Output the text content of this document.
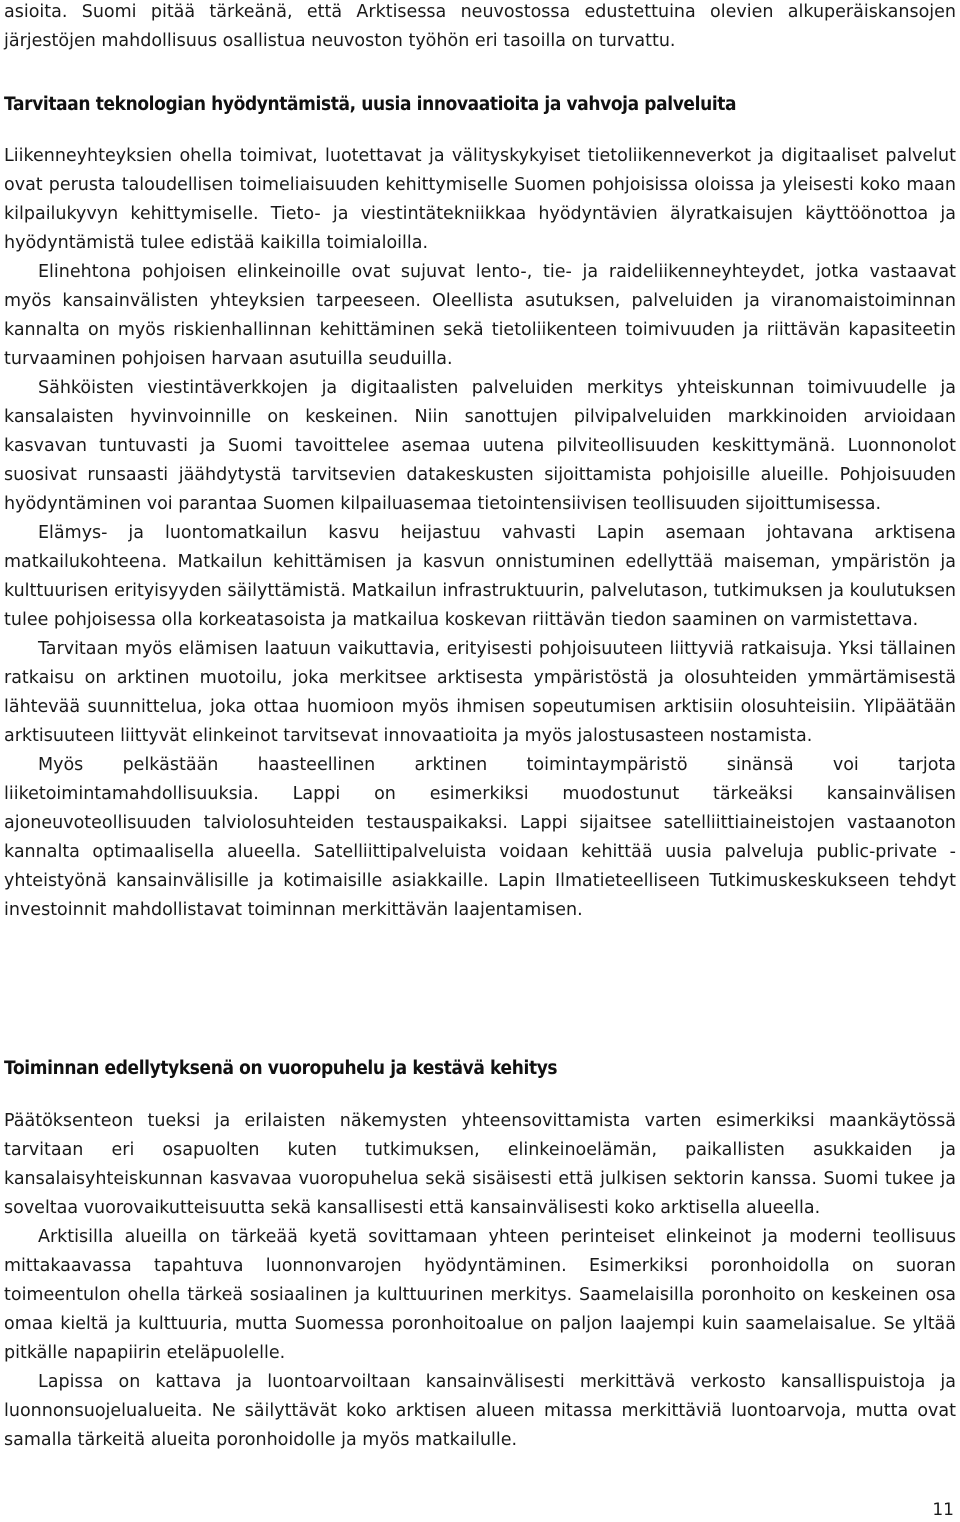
asioita. Suomi pitää tärkeänä, että Arktisessa neuvostossa edustettuina olevien alkuperäiskansojen järjestöjen mahdollisuus osallistua neuvoston työhön eri tasoilla on turvattu.

Tarvitaan teknologian hyödyntämistä, uusia innovaatioita ja vahvoja palveluita

Liikenneyhteyksien ohella toimivat, luotettavat ja välityskykyiset tietoliikenneverkot ja digitaaliset palvelut ovat perusta taloudellisen toimeliaisuuden kehittymiselle Suomen pohjoisissa oloissa ja yleisesti koko maan kilpailukyvyn kehittymiselle. Tieto- ja viestintätekniikkaa hyödyntävien älyratkaisujen käyttöönottoa ja hyödyntämistä tulee edistää kaikilla toimialoilla.

Elinehtona pohjoisen elinkeinoille ovat sujuvat lento-, tie- ja raideliikenneyhteydet, jotka vastaavat myös kansainvälisten yhteyksien tarpeeseen. Oleellista asutuksen, palveluiden ja viranomaistoiminnan kannalta on myös riskienhallinnan kehittäminen sekä tietoliikenteen toimivuuden ja riittävän kapasiteetin turvaaminen pohjoisen harvaan asutuilla seuduilla.

Sähköisten viestintäverkkojen ja digitaalisten palveluiden merkitys yhteiskunnan toimivuudelle ja kansalaisten hyvinvoinnille on keskeinen. Niin sanottujen pilvipalveluiden markkinoiden arvioidaan kasvavan tuntuvasti ja Suomi tavoittelee asemaa uutena pilviteollisuuden keskittymänä. Luonnonolot suosivat runsaasti jäähdytystä tarvitsevien datakeskusten sijoittamista pohjoisille alueille. Pohjoisuuden hyödyntäminen voi parantaa Suomen kilpailuasemaa tietointensiivisen teollisuuden sijoittumisessa.

Elämys- ja luontomatkailun kasvu heijastuu vahvasti Lapin asemaan johtavana arktisena matkailukohteena. Matkailun kehittämisen ja kasvun onnistuminen edellyttää maiseman, ympäristön ja kulttuurisen erityisyyden säilyttämistä. Matkailun infrastruktuurin, palvelutason, tutkimuksen ja koulutuksen tulee pohjoisessa olla korkeatasoista ja matkailua koskevan riittävän tiedon saaminen on varmistettava.

Tarvitaan myös elämisen laatuun vaikuttavia, erityisesti pohjoisuuteen liittyviä ratkaisuja. Yksi tällainen ratkaisu on arktinen muotoilu, joka merkitsee arktisesta ympäristöstä ja olosuhteiden ymmärtämisestä lähtevää suunnittelua, joka ottaa huomioon myös ihmisen sopeutumisen arktisiin olosuhteisiin. Ylipäätään arktisuuteen liittyvät elinkeinot tarvitsevat innovaatioita ja myös jalostusasteen nostamista.

Myös pelkästään haasteellinen arktinen toimintaympäristö sinänsä voi tarjota liiketoimintamahdollisuuksia. Lappi on esimerkiksi muodostunut tärkeäksi kansainvälisen ajoneuvoteollisuuden talviolosuhteiden testauspaikaksi. Lappi sijaitsee satelliittiaineistojen vastaanoton kannalta optimaalisella alueella. Satelliittipalveluista voidaan kehittää uusia palveluja public-private -yhteistyönä kansainvälisille ja kotimaisille asiakkaille. Lapin Ilmatieteelliseen Tutkimuskeskukseen tehdyt investoinnit mahdollistavat toiminnan merkittävän laajentamisen.

Toiminnan edellytyksenä on vuoropuhelu ja kestävä kehitys

Päätöksenteon tueksi ja erilaisten näkemysten yhteensovittamista varten esimerkiksi maankäytössä tarvitaan eri osapuolten kuten tutkimuksen, elinkeinoelämän, paikallisten asukkaiden ja kansalaisyhteiskunnan kasvavaa vuoropuhelua sekä sisäisesti että julkisen sektorin kanssa. Suomi tukee ja soveltaa vuorovaikutteisuutta sekä kansallisesti että kansainvälisesti koko arktisella alueella.

Arktisilla alueilla on tärkeää kyetä sovittamaan yhteen perinteiset elinkeinot ja moderni teollisuus mittakaavassa tapahtuva luonnonvarojen hyödyntäminen. Esimerkiksi poronhoidolla on suoran toimeentulon ohella tärkeä sosiaalinen ja kulttuurinen merkitys. Saamelaisilla poronhoito on keskeinen osa omaa kieltä ja kulttuuria, mutta Suomessa poronhoitoalue on paljon laajempi kuin saamelaisalue. Se yltää pitkälle napapiirin eteläpuolelle.

Lapissa on kattava ja luontoarvoiltaan kansainvälisesti merkittävä verkosto kansallispuistoja ja luonnonsuojelualueita. Ne säilyttävät koko arktisen alueen mitassa merkittäviä luontoarvoja, mutta ovat samalla tärkeitä alueita poronhoidolle ja myös matkailulle.

11
